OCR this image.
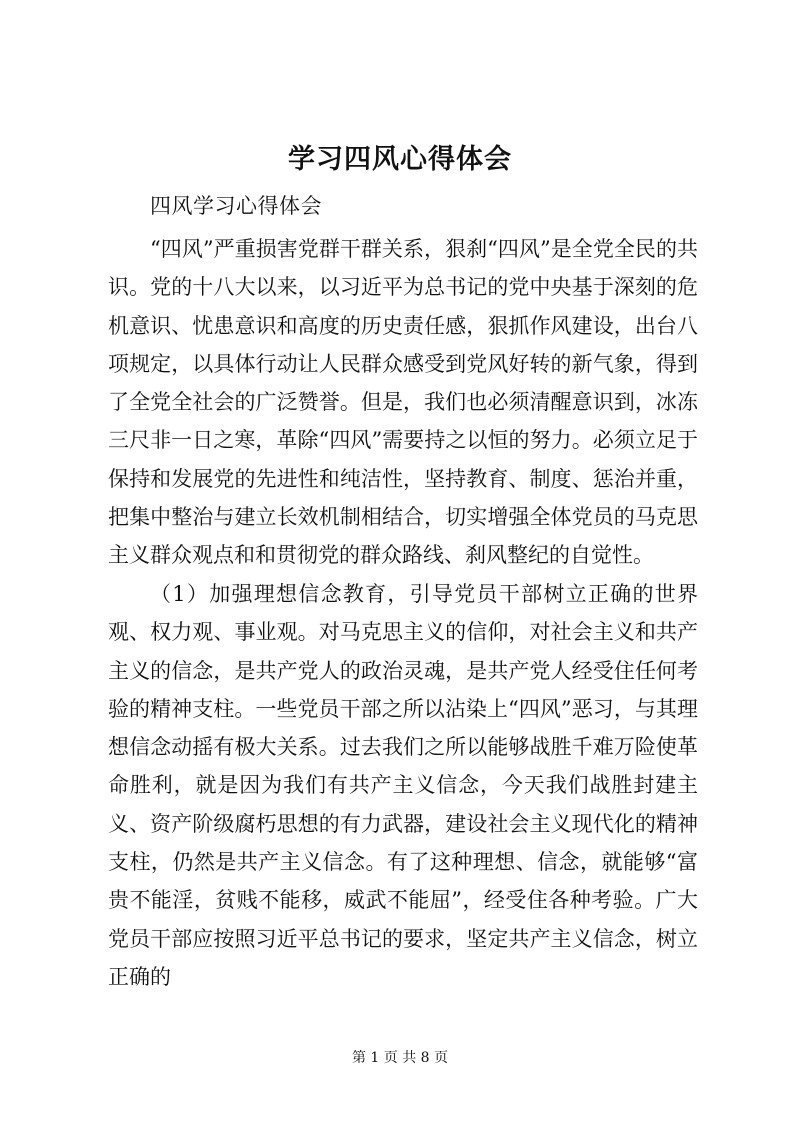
学习四风心得体会
四风学习心得体会

“四风”严重损害党群干群关系，狠刹“四风”是全党全民的共识。党的十八大以来，以习近平为总书记的党中央基于深刻的危机意识、忧患意识和高度的历史责任感，狠抓作风建设，出台八项规定，以具体行动让人民群众感受到党风好转的新气象，得到了全党全社会的广泛赞誉。但是，我们也必须清醒意识到，冰冻三尺非一日之寒，革除“四风”需要持之以恒的努力。必须立足于保持和发展党的先进性和纯洁性，坚持教育、制度、惩治并重，把集中整治与建立长效机制相结合，切实增强全体党员的马克思主义群众观点和和贯彻党的群众路线、刹风整纪的自觉性。

（1）加强理想信念教育，引导党员干部树立正确的世界观、权力观、事业观。对马克思主义的信仰，对社会主义和共产主义的信念，是共产党人的政治灵魂，是共产党人经受住任何考验的精神支柱。一些党员干部之所以沾染上“四风”恶习，与其理想信念动摇有极大关系。过去我们之所以能够战胜千难万险使革命胜利，就是因为我们有共产主义信念，今天我们战胜封建主义、资产阶级腐朽思想的有力武器，建设社会主义现代化的精神支柱，仍然是共产主义信念。有了这种理想、信念，就能够“富贵不能淫，贫贱不能移，威武不能屈”，经受住各种考验。广大党员干部应按照习近平总书记的要求，坚定共产主义信念，树立正确的

第 1 页 共 8 页
